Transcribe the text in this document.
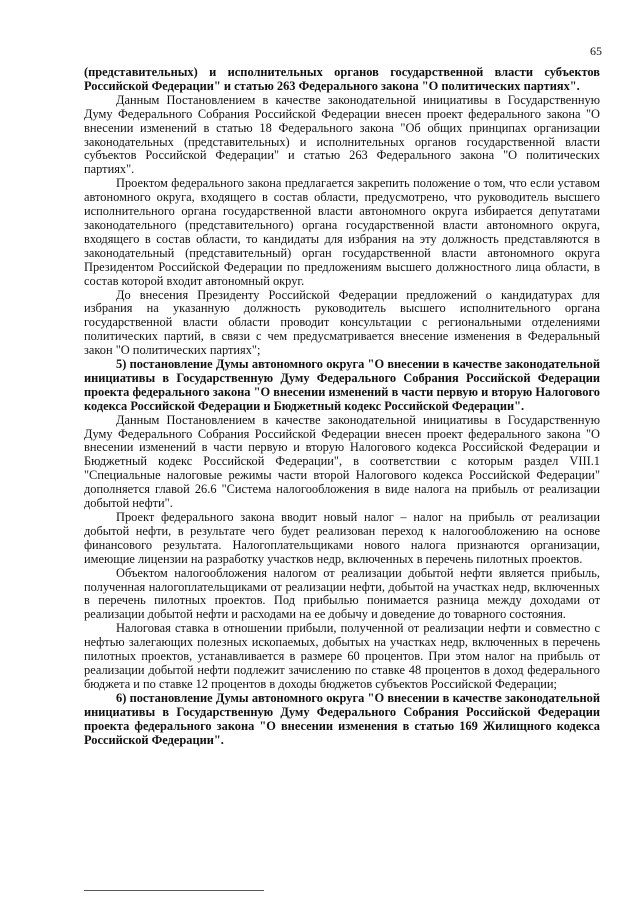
65

(представительных) и исполнительных органов государственной власти субъектов Российской Федерации" и статью 263 Федерального закона "О политических партиях".

Данным Постановлением в качестве законодательной инициативы в Государственную Думу Федерального Собрания Российской Федерации внесен проект федерального закона "О внесении изменений в статью 18 Федерального закона "Об общих принципах организации законодательных (представительных) и исполнительных органов государственной власти субъектов Российской Федерации" и статью 263 Федерального закона "О политических партиях".

Проектом федерального закона предлагается закрепить положение о том, что если уставом автономного округа, входящего в состав области, предусмотрено, что руководитель высшего исполнительного органа государственной власти автономного округа избирается депутатами законодательного (представительного) органа государственной власти автономного округа, входящего в состав области, то кандидаты для избрания на эту должность представляются в законодательный (представительный) орган государственной власти автономного округа Президентом Российской Федерации по предложениям высшего должностного лица области, в состав которой входит автономный округ.

До внесения Президенту Российской Федерации предложений о кандидатурах для избрания на указанную должность руководитель высшего исполнительного органа государственной власти области проводит консультации с региональными отделениями политических партий, в связи с чем предусматривается внесение изменения в Федеральный закон "О политических партиях";

5) постановление Думы автономного округа "О внесении в качестве законодательной инициативы в Государственную Думу Федерального Собрания Российской Федерации проекта федерального закона "О внесении изменений в части первую и вторую Налогового кодекса Российской Федерации и Бюджетный кодекс Российской Федерации".

Данным Постановлением в качестве законодательной инициативы в Государственную Думу Федерального Собрания Российской Федерации внесен проект федерального закона "О внесении изменений в части первую и вторую Налогового кодекса Российской Федерации и Бюджетный кодекс Российской Федерации", в соответствии с которым раздел VIII.1 "Специальные налоговые режимы части второй Налогового кодекса Российской Федерации" дополняется главой 26.6 "Система налогообложения в виде налога на прибыль от реализации добытой нефти".

Проект федерального закона вводит новый налог – налог на прибыль от реализации добытой нефти, в результате чего будет реализован переход к налогообложению на основе финансового результата. Налогоплательщиками нового налога признаются организации, имеющие лицензии на разработку участков недр, включенных в перечень пилотных проектов.

Объектом налогообложения налогом от реализации добытой нефти является прибыль, полученная налогоплательщиками от реализации нефти, добытой на участках недр, включенных в перечень пилотных проектов. Под прибылью понимается разница между доходами от реализации добытой нефти и расходами на ее добычу и доведение до товарного состояния.

Налоговая ставка в отношении прибыли, полученной от реализации нефти и совместно с нефтью залегающих полезных ископаемых, добытых на участках недр, включенных в перечень пилотных проектов, устанавливается в размере 60 процентов. При этом налог на прибыль от реализации добытой нефти подлежит зачислению по ставке 48 процентов в доход федерального бюджета и по ставке 12 процентов в доходы бюджетов субъектов Российской Федерации;

6) постановление Думы автономного округа "О внесении в качестве законодательной инициативы в Государственную Думу Федерального Собрания Российской Федерации проекта федерального закона "О внесении изменения в статью 169 Жилищного кодекса Российской Федерации".
